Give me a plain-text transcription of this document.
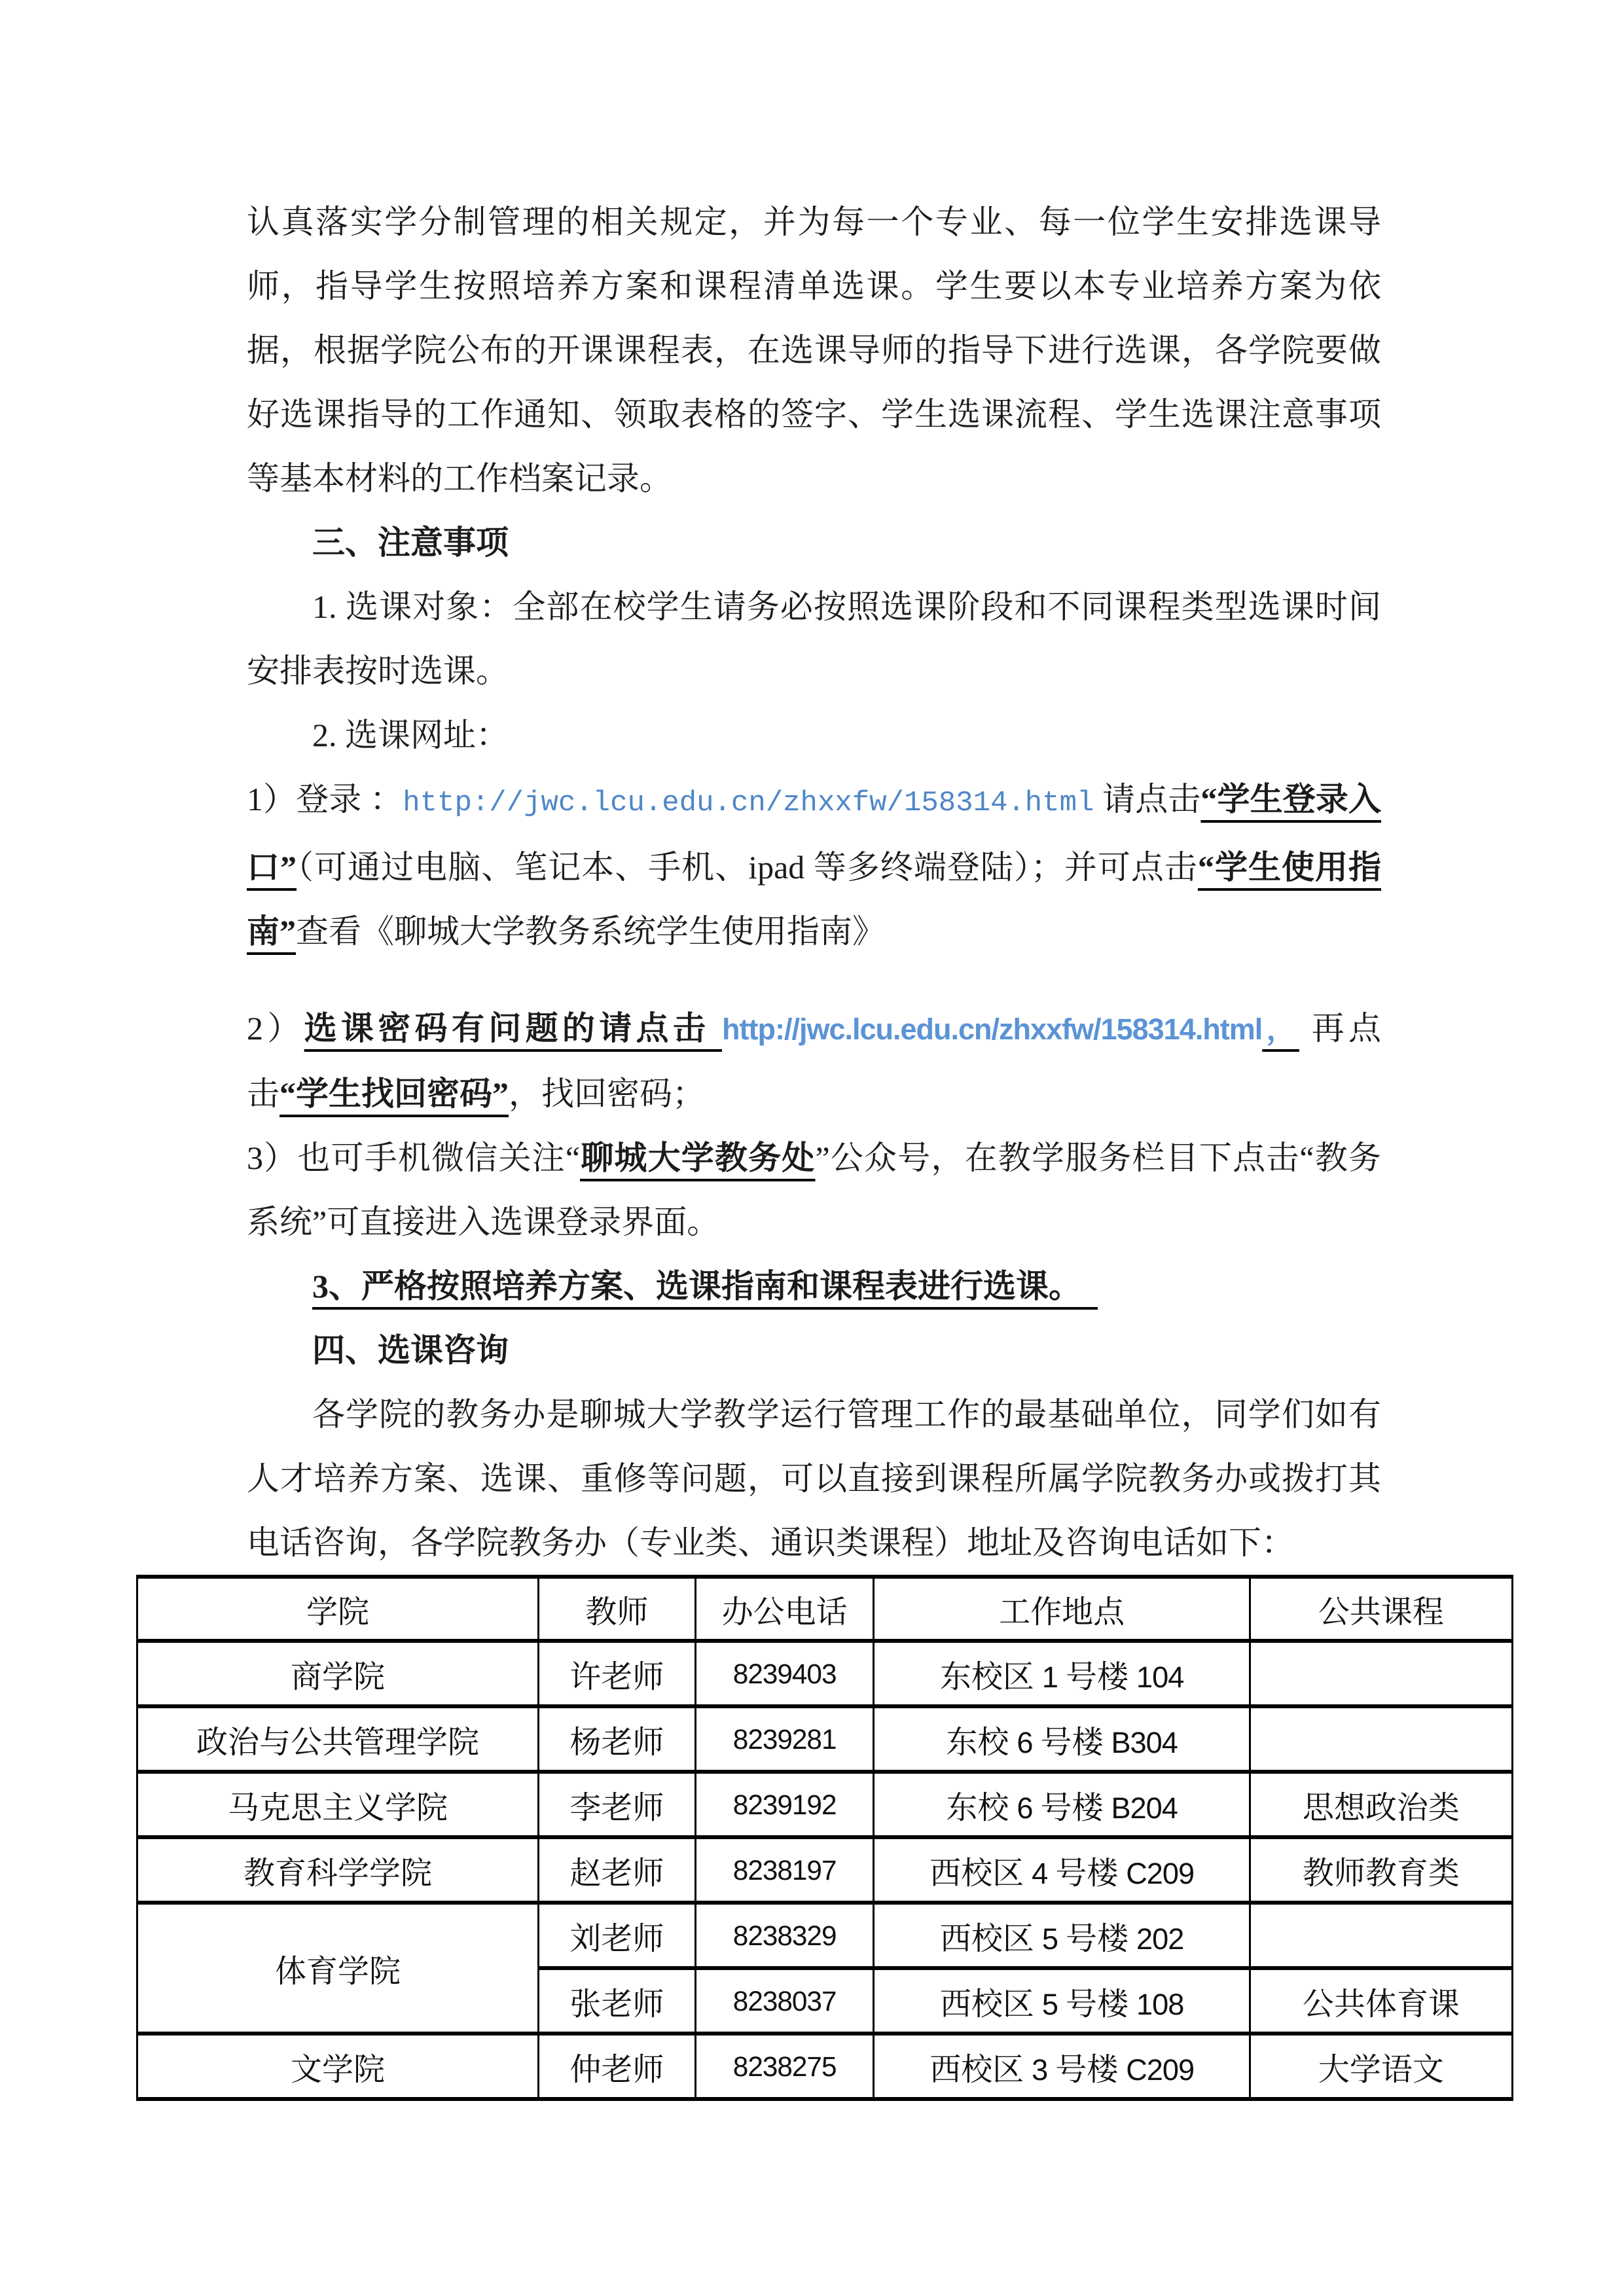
认真落实学分制管理的相关规定，并为每一个专业、每一位学生安排选课导师，指导学生按照培养方案和课程清单选课。学生要以本专业培养方案为依据，根据学院公布的开课课程表，在选课导师的指导下进行选课，各学院要做好选课指导的工作通知、领取表格的签字、学生选课流程、学生选课注意事项等基本材料的工作档案记录。

三、注意事项

1. 选课对象：全部在校学生请务必按照选课阶段和不同课程类型选课时间安排表按时选课。

2. 选课网址：

1）登录 ：http://jwc.lcu.edu.cn/zhxxfw/158314.html 请点击“学生登录入口”（可通过电脑、笔记本、手机、ipad 等多终端登陆）；并可点击“学生使用指南”查看《聊城大学教务系统学生使用指南》

2）选课密码有问题的请点击 http://jwc.lcu.edu.cn/zhxxfw/158314.html， 再点击“学生找回密码”，找回密码；

3）也可手机微信关注“聊城大学教务处”公众号，在教学服务栏目下点击“教务系统”可直接进入选课登录界面。

3、严格按照培养方案、选课指南和课程表进行选课。　

四、选课咨询

各学院的教务办是聊城大学教学运行管理工作的最基础单位，同学们如有人才培养方案、选课、重修等问题，可以直接到课程所属学院教务办或拨打其电话咨询，各学院教务办（专业类、通识类课程）地址及咨询电话如下：

学院	教师	办公电话	工作地点	公共课程
商学院	许老师	8239403	东校区 1 号楼 104	
政治与公共管理学院	杨老师	8239281	东校 6 号楼 B304	
马克思主义学院	李老师	8239192	东校 6 号楼 B204	思想政治类
教育科学学院	赵老师	8238197	西校区 4 号楼 C209	教师教育类
体育学院	刘老师	8238329	西校区 5 号楼 202	
	张老师	8238037	西校区 5 号楼 108	公共体育课
文学院	仲老师	8238275	西校区 3 号楼 C209	大学语文
